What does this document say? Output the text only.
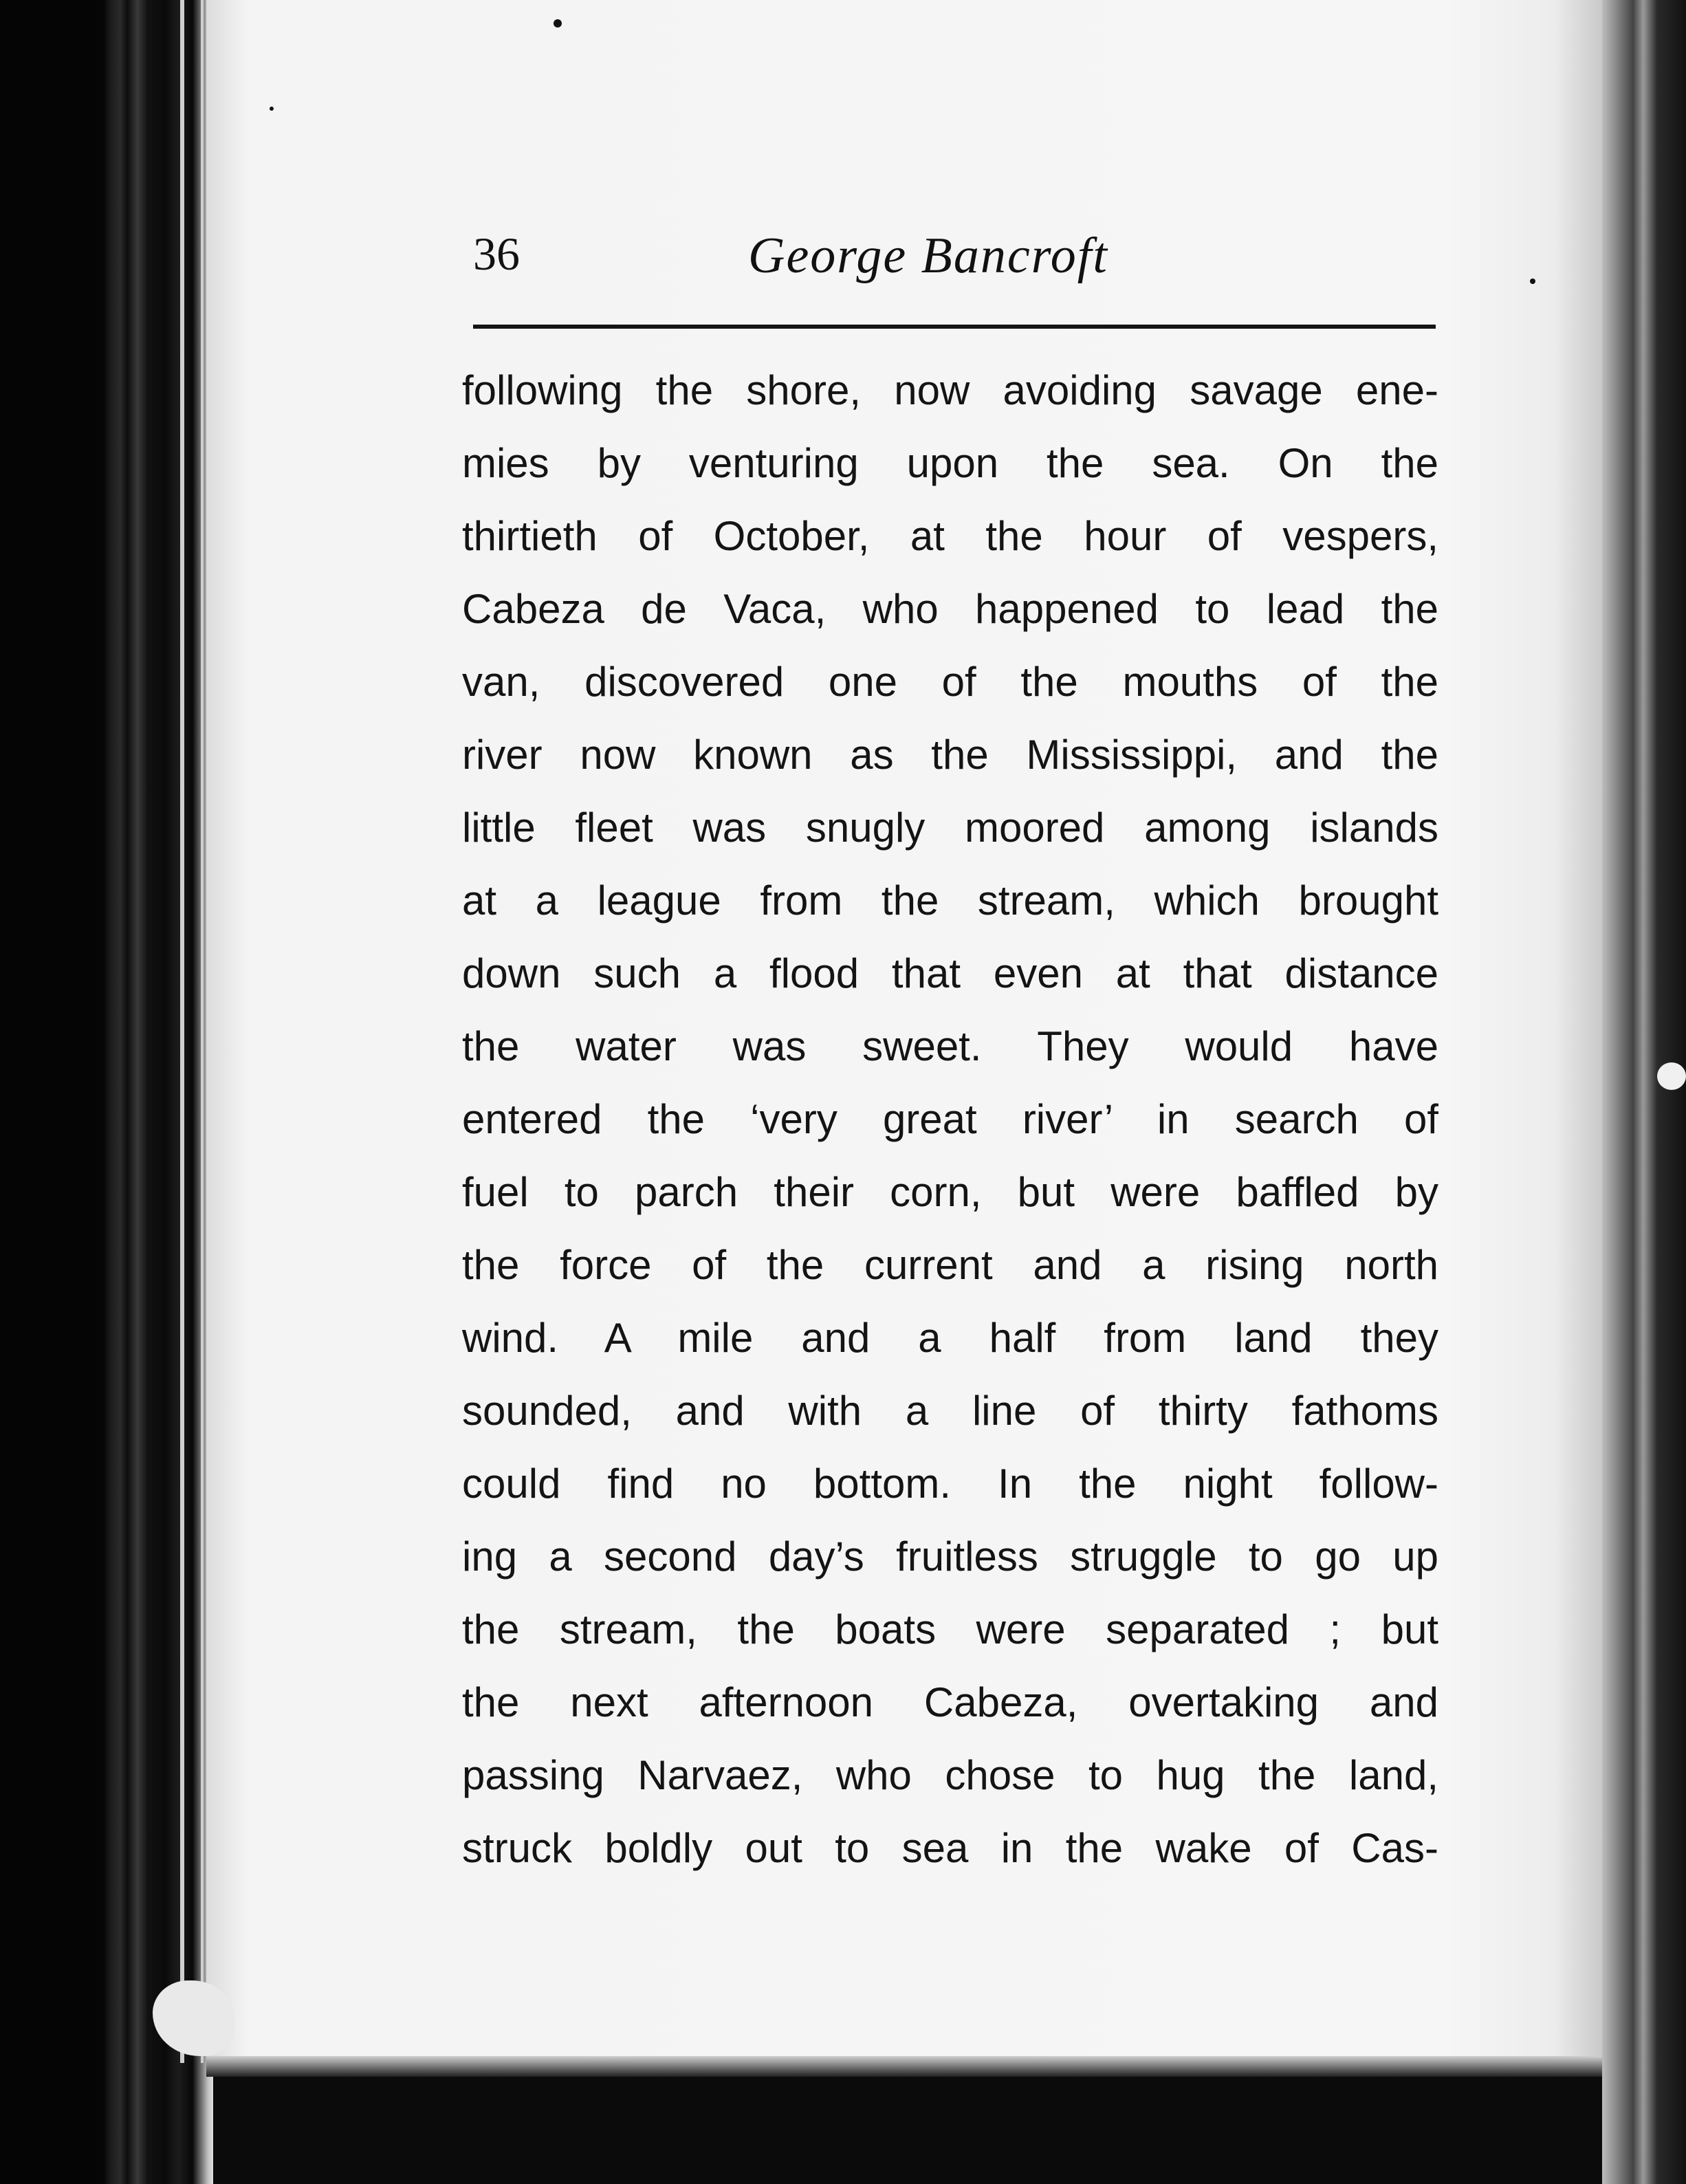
36	George Bancroft
following the shore, now avoiding savage ene-
mies by venturing upon the sea. On the
thirtieth of October, at the hour of vespers,
Cabeza de Vaca, who happened to lead the
van, discovered one of the mouths of the
river now known as the Mississippi, and the
little fleet was snugly moored among islands
at a league from the stream, which brought
down such a flood that even at that distance
the water was sweet. They would have
entered the ‘very great river’ in search of
fuel to parch their corn, but were baffled by
the force of the current and a rising north
wind. A mile and a half from land they
sounded, and with a line of thirty fathoms
could find no bottom. In the night follow-
ing a second day’s fruitless struggle to go up
the stream, the boats were separated ; but
the next afternoon Cabeza, overtaking and
passing Narvaez, who chose to hug the land,
struck boldly out to sea in the wake of Cas-
